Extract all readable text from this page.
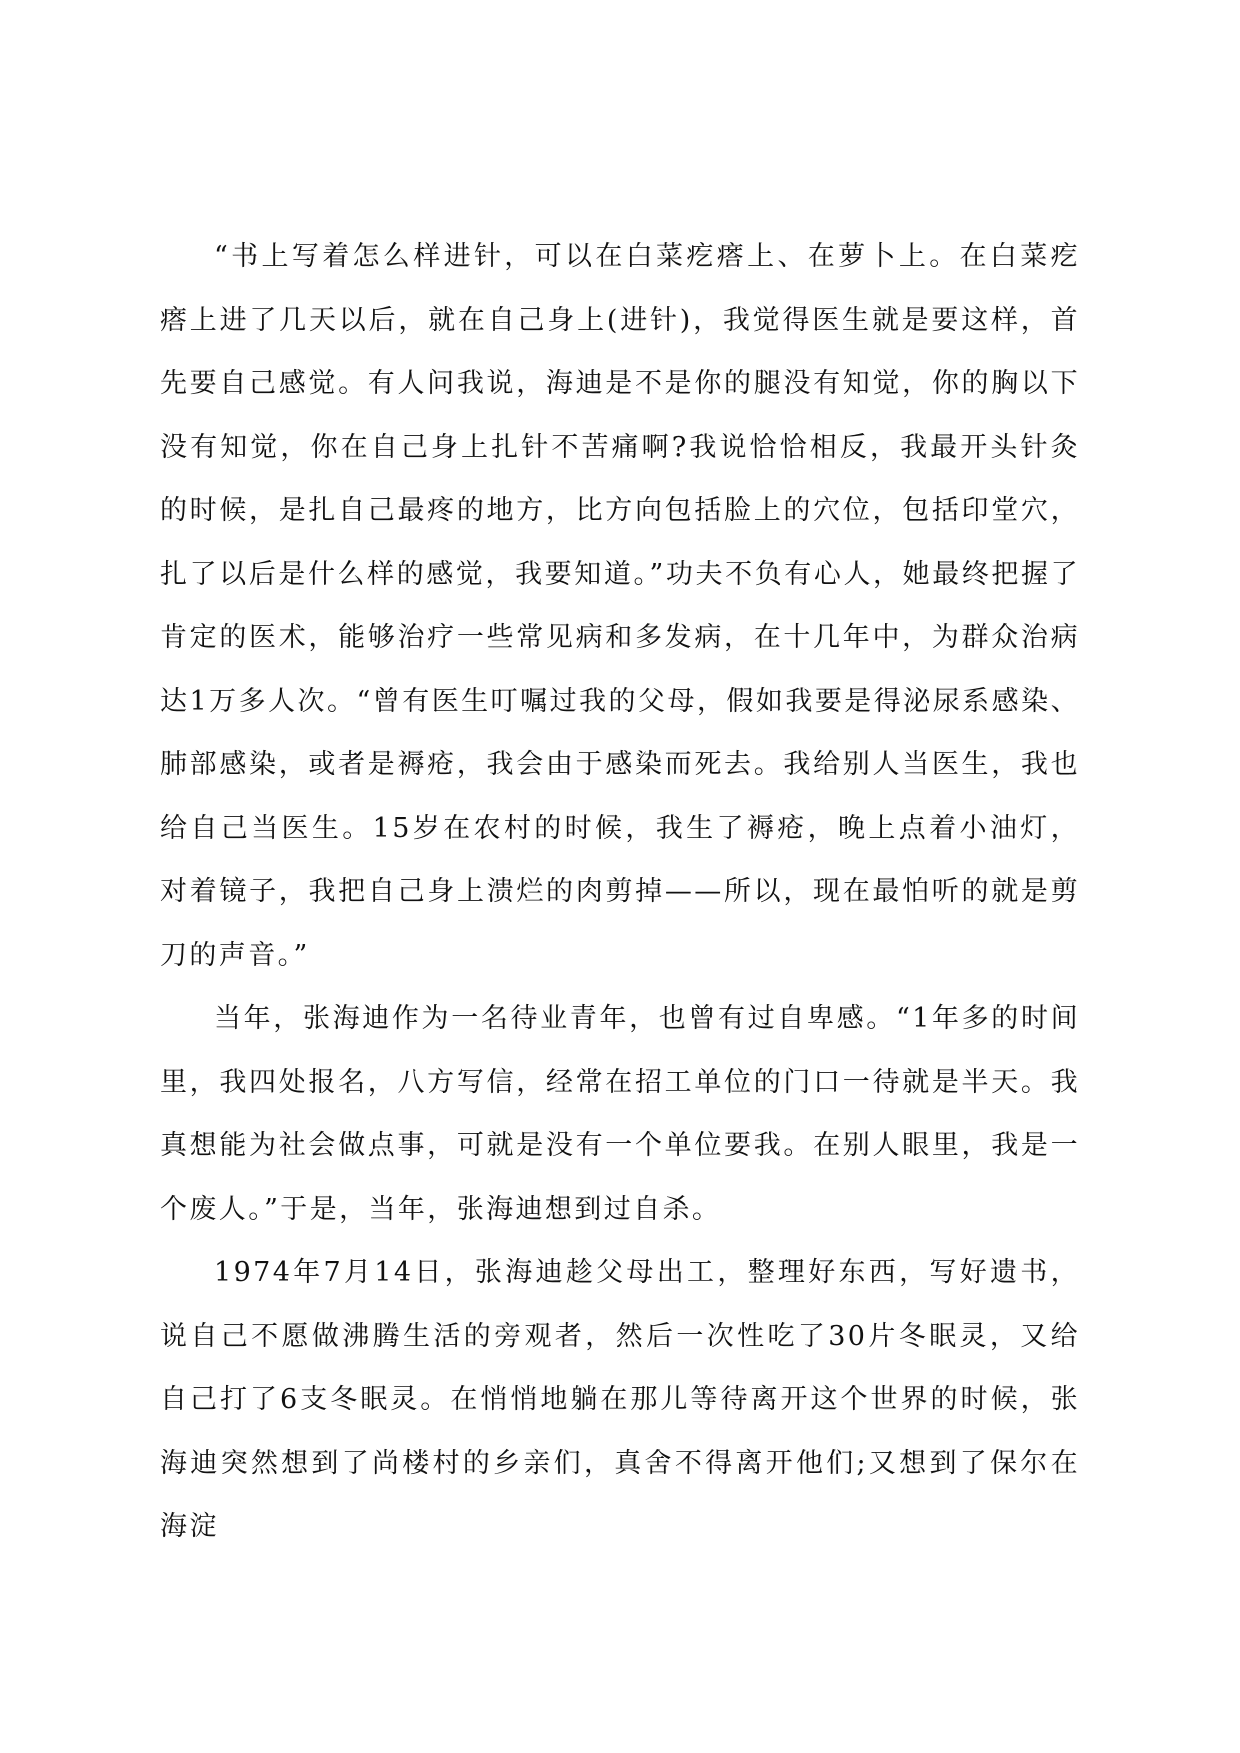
“书上写着怎么样进针，可以在白菜疙瘩上、在萝卜上。在白菜疙瘩上进了几天以后，就在自己身上(进针)，我觉得医生就是要这样，首先要自己感觉。有人问我说，海迪是不是你的腿没有知觉，你的胸以下没有知觉，你在自己身上扎针不苦痛啊?我说恰恰相反，我最开头针灸的时候，是扎自己最疼的地方，比方向包括脸上的穴位，包括印堂穴，扎了以后是什么样的感觉，我要知道。”功夫不负有心人，她最终把握了肯定的医术，能够治疗一些常见病和多发病，在十几年中，为群众治病达1万多人次。“曾有医生叮嘱过我的父母，假如我要是得泌尿系感染、肺部感染，或者是褥疮，我会由于感染而死去。我给别人当医生，我也给自己当医生。15岁在农村的时候，我生了褥疮，晚上点着小油灯，对着镜子，我把自己身上溃烂的肉剪掉——所以，现在最怕听的就是剪刀的声音。”

当年，张海迪作为一名待业青年，也曾有过自卑感。“1年多的时间里，我四处报名，八方写信，经常在招工单位的门口一待就是半天。我真想能为社会做点事，可就是没有一个单位要我。在别人眼里，我是一个废人。”于是，当年，张海迪想到过自杀。

1974年7月14日，张海迪趁父母出工，整理好东西，写好遗书，说自己不愿做沸腾生活的旁观者，然后一次性吃了30片冬眠灵，又给自己打了6支冬眠灵。在悄悄地躺在那儿等待离开这个世界的时候，张海迪突然想到了尚楼村的乡亲们，真舍不得离开他们;又想到了保尔在海淀
